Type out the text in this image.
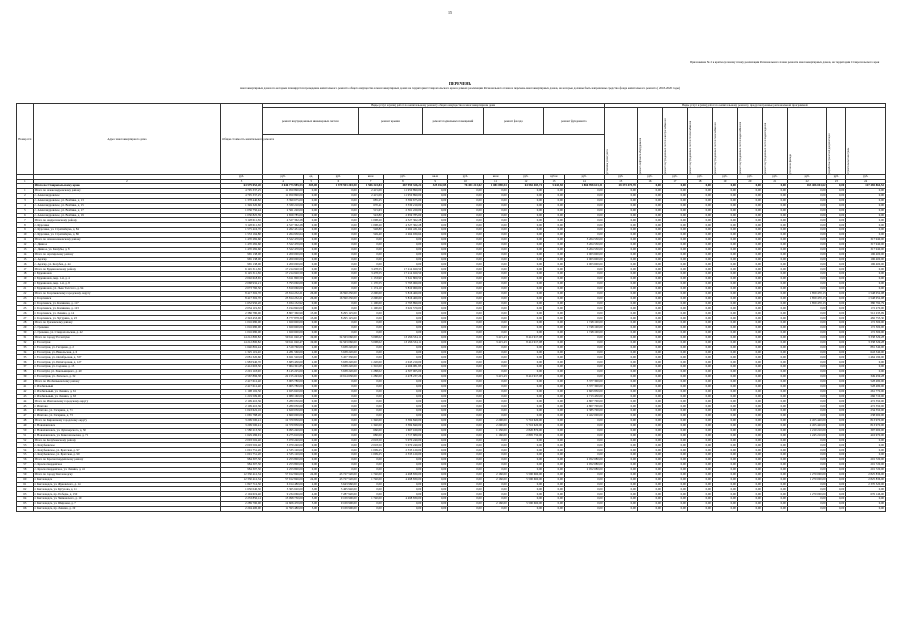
15
Приложение № 2 к краткосрочному плану реализации Регионального плана ремонта многоквартирных домов, на территории Ставропольского края
ПЕРЕЧЕНЬ
многоквартирных домов по которым планируется проведение капитального ремонта общего имущества в многоквартирных домах на территории Ставропольского края в рамках реализации Регионального плана и перечень многоквартирных домов, на которые должны быть направлены средства фонда капитального ремонта ( 2018-2020 годы)
Номер п/п	Адрес многоквартирного дома	Общая стоимость капитального ремонта	Виды услуг и (или) работ по капитальному ремонту общего имущества в многоквартирном доме											Виды услуг и (или) работ по капитальному ремонту, предусмотренные региональной программой									
			ремонт внутридомовых инженерных систем			ремонт крыши		ремонт подвальных помещений		ремонт фасада		ремонт фундамента		установка узлов учета	ремонт лифтового оборудования	ремонт внутридомовых систем электроснабжения	ремонт внутридомовых систем теплоснабжения	ремонт внутридомовых систем газоснабжения	ремонт внутридомовых систем водоснабжения	ремонт внутридомовых систем водоотведения	утепление фасада	разработка проектной документации	строительный контроль

		руб.	руб.	ед.	руб.	кв.м	руб.	кв.м	руб.	кв.м	руб.	куб.м	руб.	руб.	руб.	руб.	руб.	руб.	руб.	руб.	руб.	руб.	руб.
1	2	3	4	5	6	7	8	9	10	11	12	13	14	15	16	17	18	19	20	21	22	23	24
	Итого по Ставропольскому краю	64 579 053,20	3 646 773 985,53	305,00	1 379 593 203,50	1 506 323,84	467 959 326,22	325 012,85	76 451 213,02	1 081 890,54	64 582 483,74	5 643,58	1 866 998 613,31	28 373 475,70	0,00	0,00	0,00	0,00	0,00	0,00	163 406 043,62	0,00	127 485 864,52
1	Итого по Александровскому району	4 795 337,25	11 950 890,00	0,00	0,00	2 415,09	11 950 890,00	0,00	0,00	0,00	0,00	0,00	0,00	0,00	0,00	0,00	0,00	0,00	0,00	0,00	0,00	0,00	0,00
2	с. Александровское	4 795 337,25	11 950 890,00	0,00	0,00	2 415,09	11 950 890,00	0,00	0,00	0,00	0,00	0,00	0,00	0,00	0,00	0,00	0,00	0,00	0,00	0,00	0,00	0,00	0,00
3	с. Александровское, ул. Войтика, д. 13	1 378 440,82	3 399 675,00	0,00	0,00	685,25	3 399 675,00	0,00	0,00	0,00	0,00	0,00	0,00	0,00	0,00	0,00	0,00	0,00	0,00	0,00	0,00	0,00	0,00
4	с. Александровское, ул. Войтика, д. 15	1 349 320,60	3 330 210,00	0,00	0,00	670,41	3 330 210,00	0,00	0,00	0,00	0,00	0,00	0,00	0,00	0,00	0,00	0,00	0,00	0,00	0,00	0,00	0,00	0,00
5	с. Александровское, ул. Войтика, д. 17	1 036 750,44	2 561 220,00	0,00	0,00	515,63	2 561 220,00	0,00	0,00	0,00	0,00	0,00	0,00	0,00	0,00	0,00	0,00	0,00	0,00	0,00	0,00	0,00	0,00
6	с. Александровское, ул. Войтика, д. 19	1 030 825,39	2 659 785,00	0,00	0,00	543,80	2 659 785,00	0,00	0,00	0,00	0,00	0,00	0,00	0,00	0,00	0,00	0,00	0,00	0,00	0,00	0,00	0,00	0,00
7	Итого по Андроповскому району	3 128 611,50	4 527 362,28	0,00	0,00	1 098,20	4 527 362,28	0,00	0,00	0,00	0,00	0,00	0,00	0,00	0,00	0,00	0,00	0,00	0,00	0,00	0,00	0,00	0,00
8	с. Курсавка	3 128 611,50	4 527 362,28	0,00	0,00	1 098,20	4 527 362,28	0,00	0,00	0,00	0,00	0,00	0,00	0,00	0,00	0,00	0,00	0,00	0,00	0,00	0,00	0,00	0,00
9	с. Курсавка, ул. Стратийчука, д. 84	1 575 416,70	2 262 431,64	0,00	0,00	548,80	2 262 431,64	0,00	0,00	0,00	0,00	0,00	0,00	0,00	0,00	0,00	0,00	0,00	0,00	0,00	0,00	0,00	0,00
10	с. Курсавка, ул. Стратийчука, д. 86	1 553 194,80	2 264 930,64	0,00	0,00	549,40	2 264 930,64	0,00	0,00	0,00	0,00	0,00	0,00	0,00	0,00	0,00	0,00	0,00	0,00	0,00	0,00	0,00	0,00
11	Итого по Апанасенковскому району	1 470 282,60	3 522 470,00	0,00	0,00	0,00	0,00	0,00	0,00	0,00	0,00	0,00	3 204 530,00	0,00	0,00	0,00	0,00	0,00	0,00	0,00	0,00	0,00	317 940,00
12	с. Дивное	1 470 282,60	3 522 470,00	0,00	0,00	0,00	0,00	0,00	0,00	0,00	0,00	0,00	3 204 530,00	0,00	0,00	0,00	0,00	0,00	0,00	0,00	0,00	0,00	317 940,00
13	с. Дивное, ул. Кашубы, д. 8	1 470 282,60	3 522 470,00	0,00	0,00	0,00	0,00	0,00	0,00	0,00	0,00	0,00	3 204 530,00	0,00	0,00	0,00	0,00	0,00	0,00	0,00	0,00	0,00	317 940,00
14	Итого по Арзгирскому району	965 138,00	2 200 000,00	0,00	0,00	0,00	0,00	0,00	0,00	0,00	0,00	0,00	2 003 600,00	0,00	0,00	0,00	0,00	0,00	0,00	0,00	0,00	0,00	196 400,00
15	с. Арзгир	965 138,00	2 200 000,00	0,00	0,00	0,00	0,00	0,00	0,00	0,00	0,00	0,00	2 003 600,00	0,00	0,00	0,00	0,00	0,00	0,00	0,00	0,00	0,00	196 400,00
16	с. Арзгир, ул. Кочубея, д. 44	965 138,00	2 200 000,00	0,00	0,00	0,00	0,00	0,00	0,00	0,00	0,00	0,00	2 003 600,00	0,00	0,00	0,00	0,00	0,00	0,00	0,00	0,00	0,00	196 400,00
17	Итого по Буденновскому району	6 145 311,36	17 214 920,50	0,00	0,00	3 478,55	17 214 920,50	0,00	0,00	0,00	0,00	0,00	0,00	0,00	0,00	0,00	0,00	0,00	0,00	0,00	0,00	0,00	0,00
18	г. Буденновск	6 145 311,36	17 214 920,50	0,00	0,00	3 478,55	17 214 920,50	0,00	0,00	0,00	0,00	0,00	0,00	0,00	0,00	0,00	0,00	0,00	0,00	0,00	0,00	0,00	0,00
19	г. Буденновск, мкр. 1-й, д. 4	2 002 618,65	5 611 800,50	0,00	0,00	1 133,90	5 611 800,50	0,00	0,00	0,00	0,00	0,00	0,00	0,00	0,00	0,00	0,00	0,00	0,00	0,00	0,00	0,00	0,00
20	г. Буденновск, мкр. 1-й, д. 8	2 068 932,21	5 793 060,00	0,00	0,00	1 170,55	5 793 060,00	0,00	0,00	0,00	0,00	0,00	0,00	0,00	0,00	0,00	0,00	0,00	0,00	0,00	0,00	0,00	0,00
21	г. Буденновск, ул. Льва Толстого, д. 94	2 073 760,50	5 810 060,00	0,00	0,00	1 174,10	5 810 060,00	0,00	0,00	0,00	0,00	0,00	0,00	0,00	0,00	0,00	0,00	0,00	0,00	0,00	0,00	0,00	0,00
22	Итого по Георгиевскому городскому округу	8 417 302,70	25 814 232,21	26,00	16 590 250,00	2 290,00	5 816 460,00	0,00	0,00	0,00	0,00	0,00	0,00	0,00	0,00	0,00	0,00	0,00	0,00	0,00	1 859 470,13	0,00	1 548 052,08
23	г. Георгиевск	8 417 302,70	25 814 232,21	26,00	16 590 250,00	2 290,00	5 816 460,00	0,00	0,00	0,00	0,00	0,00	0,00	0,00	0,00	0,00	0,00	0,00	0,00	0,00	1 859 470,13	0,00	1 548 052,08
24	г. Георгиевск, ул. Калинина, д. 117	1 652 950,20	5 034 152,92	0,00	0,00	1 100,00	2 793 890,00	0,00	0,00	0,00	0,00	0,00	0,00	0,00	0,00	0,00	0,00	0,00	0,00	0,00	1 859 470,13	0,00	380 792,79
25	г. Георгиевск, ул. Калинина, д. 123	2 034 119,50	3 194 840,00	0,00	0,00	1 190,00	3 022 570,00	0,00	0,00	0,00	0,00	0,00	0,00	0,00	0,00	0,00	0,00	0,00	0,00	0,00	0,00	0,00	172 270,00
26	г. Георгиевск, ул. Ленина, д. 14	2 386 780,00	8 807 360,99	13,00	8 295 125,00	0,00	0,00	0,00	0,00	0,00	0,00	0,00	0,00	0,00	0,00	0,00	0,00	0,00	0,00	0,00	0,00	0,00	512 235,99
27	г. Георгиевск, ул. Чугурина, д. 23	2 343 453,00	8 777 878,30	13,00	8 295 125,00	0,00	0,00	0,00	0,00	0,00	0,00	0,00	0,00	0,00	0,00	0,00	0,00	0,00	0,00	0,00	0,00	0,00	482 753,30
28	Итого по Грачевскому району	1 016 680,00	1 920 600,00	0,00	0,00	0,00	0,00	0,00	0,00	0,00	0,00	0,00	1 748 100,00	0,00	0,00	0,00	0,00	0,00	0,00	0,00	0,00	0,00	172 500,00
29	с. Грачевка	1 016 680,00	1 920 600,00	0,00	0,00	0,00	0,00	0,00	0,00	0,00	0,00	0,00	1 748 100,00	0,00	0,00	0,00	0,00	0,00	0,00	0,00	0,00	0,00	172 500,00
30	с. Грачевка, ул. Ставропольская, д. 42	1 016 680,00	1 920 600,00	0,00	0,00	0,00	0,00	0,00	0,00	0,00	0,00	0,00	1 748 100,00	0,00	0,00	0,00	0,00	0,00	0,00	0,00	0,00	0,00	172 500,00
31	Итого по городу Ессентуки	14 212 800,82	59 611 040,47	19,00	34 563 060,00	5 098,02	13 296 534,11	0,00	0,00	3 415,43	8 412 917,08	0,00	0,00	0,00	0,00	0,00	0,00	0,00	0,00	0,00	0,00	0,00	3 338 529,28
32	г. Ессентуки	14 212 800,82	59 611 040,47	19,00	34 563 060,00	5 098,02	13 296 534,11	0,00	0,00	3 415,43	8 412 917,08	0,00	0,00	0,00	0,00	0,00	0,00	0,00	0,00	0,00	0,00	0,00	3 338 529,28
33	г. Ессентуки, ул. Гагарина, д. 2	1 640 802,44	4 519 760,00	2,00	3 638 220,00	0,00	0,00	0,00	0,00	0,00	0,00	0,00	0,00	0,00	0,00	0,00	0,00	0,00	0,00	0,00	0,00	0,00	881 540,00
34	г. Ессентуки, ул. Никольская, д. 6	1 325 119,20	4 281 560,00	2,00	3 638 220,00	0,00	0,00	0,00	0,00	0,00	0,00	0,00	0,00	0,00	0,00	0,00	0,00	0,00	0,00	0,00	0,00	0,00	643 340,00
35	г. Ессентуки, ул. Октябрьская, д. 337	2 081 320,60	6 921 520,00	3,00	5 457 330,00	0,00	0,00	0,00	0,00	0,00	0,00	0,00	0,00	0,00	0,00	0,00	0,00	0,00	0,00	0,00	0,00	0,00	1 464 190,00
36	г. Ессентуки, ул. Пятигорская, д. 127	1 983 940,70	5 683 430,00	2,00	3 638 220,00	1 220,00	2 045 210,00	0,00	0,00	0,00	0,00	0,00	0,00	0,00	0,00	0,00	0,00	0,00	0,00	0,00	0,00	0,00	0,00
37	г. Ессентуки, ул. Садовая, д. 15	2 412 603,50	7 904 301,85	2,00	3 638 220,00	1 310,00	4 266 081,85	0,00	0,00	0,00	0,00	0,00	0,00	0,00	0,00	0,00	0,00	0,00	0,00	0,00	0,00	0,00	0,00
38	г. Ессентуki, ул. Хмельницкого, д. 40	2 201 118,00	8 145 225,00	2,00	3 638 220,00	1 288,02	4 507 005,00	0,00	0,00	0,00	0,00	0,00	0,00	0,00	0,00	0,00	0,00	0,00	0,00	0,00	0,00	0,00	0,00
39	г. Ессентуки, ул. Энгельса, д. 32	2 567 896,38	22 155 243,62	6,00	10 914 630,00	1 280,00	2 478 237,26	0,00	0,00	3 415,43	8 412 917,08	0,00	0,00	0,00	0,00	0,00	0,00	0,00	0,00	0,00	0,00	0,00	349 459,28
40	Итого по Изобильненскому району	2 417 612,40	5 905 780,00	0,00	0,00	0,00	0,00	0,00	0,00	0,00	0,00	0,00	5 377 300,00	0,00	0,00	0,00	0,00	0,00	0,00	0,00	0,00	0,00	528 480,00
41	г. Изобильный	2 417 612,40	5 905 780,00	0,00	0,00	0,00	0,00	0,00	0,00	0,00	0,00	0,00	5 377 300,00	0,00	0,00	0,00	0,00	0,00	0,00	0,00	0,00	0,00	528 480,00
42	г. Изобильный, ул. Ленина, д. 61	1 198 102,50	2 925 620,00	0,00	0,00	0,00	0,00	0,00	0,00	0,00	0,00	0,00	2 663 850,00	0,00	0,00	0,00	0,00	0,00	0,00	0,00	0,00	0,00	261 770,00
43	г. Изобильный, ул. Ленина, д. 63	1 219 509,90	2 980 160,00	0,00	0,00	0,00	0,00	0,00	0,00	0,00	0,00	0,00	2 713 450,00	0,00	0,00	0,00	0,00	0,00	0,00	0,00	0,00	0,00	266 710,00
44	Итого по Ипатовскому городскому округу	2 109 410,36	5 280 050,00	0,00	0,00	0,00	0,00	0,00	0,00	0,00	0,00	0,00	4 807 700,00	0,00	0,00	0,00	0,00	0,00	0,00	0,00	0,00	0,00	472 350,00
45	г. Ипатово	2 109 410,36	5 280 050,00	0,00	0,00	0,00	0,00	0,00	0,00	0,00	0,00	0,00	4 807 700,00	0,00	0,00	0,00	0,00	0,00	0,00	0,00	0,00	0,00	472 350,00
46	г. Ипатово, ул. Гагарина, д. 71	1 043 622,16	2 620 050,00	0,00	0,00	0,00	0,00	0,00	0,00	0,00	0,00	0,00	2 385 700,00	0,00	0,00	0,00	0,00	0,00	0,00	0,00	0,00	0,00	234 350,00
47	г. Ипатово, ул. Гагарина, д. 73	1 065 788,20	2 660 000,00	0,00	0,00	0,00	0,00	0,00	0,00	0,00	0,00	0,00	2 422 000,00	0,00	0,00	0,00	0,00	0,00	0,00	0,00	0,00	0,00	238 000,00
48	Итого по Кировскому городскому округу	3 209 500,41	12 370 850,00	0,00	0,00	1 340,00	3 384 840,00	0,00	0,00	2 290,00	5 716 620,00	0,00	0,00	0,00	0,00	0,00	0,00	0,00	0,00	0,00	2 455 420,00	0,00	813 970,00
49	г. Новопавловск	3 209 500,41	12 370 850,00	0,00	0,00	1 340,00	3 384 840,00	0,00	0,00	2 290,00	5 716 620,00	0,00	0,00	0,00	0,00	0,00	0,00	0,00	0,00	0,00	2 455 420,00	0,00	813 970,00
50	г. Новопавловск, ул. Луначарского, д. 30	1 580 213,50	6 095 240,00	0,00	0,00	660,00	1 667 160,00	0,00	0,00	1 130,00	2 820 870,00	0,00	0,00	0,00	0,00	0,00	0,00	0,00	0,00	0,00	1 210 210,00	0,00	397 000,00
51	г. Новопавловск, ул. Комсомольская, д. 71	1 629 286,91	6 275 610,00	0,00	0,00	680,00	1 717 680,00	0,00	0,00	1 160,00	2 895 750,00	0,00	0,00	0,00	0,00	0,00	0,00	0,00	0,00	0,00	1 245 210,00	0,00	416 970,00
52	Итого по Кочубеевскому району	2 003 502,40	5 070 240,00	0,00	0,00	2 018,50	5 070 240,00	0,00	0,00	0,00	0,00	0,00	0,00	0,00	0,00	0,00	0,00	0,00	0,00	0,00	0,00	0,00	0,00
53	с. Кочубеевское	2 003 502,40	5 070 240,00	0,00	0,00	2 018,50	5 070 240,00	0,00	0,00	0,00	0,00	0,00	0,00	0,00	0,00	0,00	0,00	0,00	0,00	0,00	0,00	0,00	0,00
54	с. Кочубеевское, ул. Братская, д. 97	1 001 751,20	2 535 120,00	0,00	0,00	1 009,25	2 535 120,00	0,00	0,00	0,00	0,00	0,00	0,00	0,00	0,00	0,00	0,00	0,00	0,00	0,00	0,00	0,00	0,00
55	с. Кочубеевское, ул. Братская, д. 99	1 001 751,20	2 535 120,00	0,00	0,00	1 009,25	2 535 120,00	0,00	0,00	0,00	0,00	0,00	0,00	0,00	0,00	0,00	0,00	0,00	0,00	0,00	0,00	0,00	0,00
56	Итого по Красногвардейскому району	984 307,50	2 253 800,00	0,00	0,00	0,00	0,00	0,00	0,00	0,00	0,00	0,00	2 052 080,00	0,00	0,00	0,00	0,00	0,00	0,00	0,00	0,00	0,00	201 720,00
57	с. Красногвардейское	984 307,50	2 253 800,00	0,00	0,00	0,00	0,00	0,00	0,00	0,00	0,00	0,00	2 052 080,00	0,00	0,00	0,00	0,00	0,00	0,00	0,00	0,00	0,00	201 720,00
58	с. Красногвардейское, ул. Ленина, д. 41	984 307,50	2 253 800,00	0,00	0,00	0,00	0,00	0,00	0,00	0,00	0,00	0,00	2 052 080,00	0,00	0,00	0,00	0,00	0,00	0,00	0,00	0,00	0,00	201 720,00
59	Итого по городу Кисловодску	12 330 412,34	57 912 846,00	24,00	43 727 520,00	1 740,00	4 498 830,00	0,00	0,00	2 160,00	5 590 660,00	0,00	0,00	0,00	0,00	0,00	0,00	0,00	0,00	0,00	1 270 000,00	0,00	2 825 836,00
60	г. Кисловодск	12 330 412,34	57 912 846,00	24,00	43 727 520,00	1 740,00	4 498 830,00	0,00	0,00	2 160,00	5 590 660,00	0,00	0,00	0,00	0,00	0,00	0,00	0,00	0,00	0,00	1 270 000,00	0,00	2 825 836,00
61	г. Кисловодск, ул. Жуковского, д. 14	1 847 712,50	6 014 480,00	2,00	3 643 960,00	0,00	0,00	0,00	0,00	0,00	0,00	0,00	0,00	0,00	0,00	0,00	0,00	0,00	0,00	0,00	0,00	0,00	2 370 520,00
62	г. Кисловодск, ул. Кутузова, д. 11	1 650 040,30	5 365 620,00	3,00	5 465 940,00	0,00	0,00	0,00	0,00	0,00	0,00	0,00	0,00	0,00	0,00	0,00	0,00	0,00	0,00	0,00	0,00	0,00	0,00
63	г. Кисловодск, пр. Победы, д. 150	2 104 619,40	9 234 066,00	4,00	7 287 920,00	0,00	0,00	0,00	0,00	0,00	0,00	0,00	0,00	0,00	0,00	0,00	0,00	0,00	0,00	0,00	1 270 000,00	0,00	676 146,00
64	г. Кисловодск, ул. Чайковского, д. 10	2 233 850,14	13 098 730,00	5,00	9 109 900,00	1 740,00	4 498 830,00	0,00	0,00	0,00	0,00	0,00	0,00	0,00	0,00	0,00	0,00	0,00	0,00	0,00	0,00	0,00	0,00
65	г. Кисловодск, ул. Широкая, д. 7	2 289 790,00	12 606 470,00	5,00	9 109 900,00	0,00	0,00	0,00	0,00	2 160,00	5 590 660,00	0,00	0,00	0,00	0,00	0,00	0,00	0,00	0,00	0,00	0,00	0,00	0,00
66	г. Кисловодск, пр. Ленина, д. 19	2 204 400,00	11 593 480,00	5,00	9 109 900,00	0,00	0,00	0,00	0,00	0,00	0,00	0,00	0,00	0,00	0,00	0,00	0,00	0,00	0,00	0,00	0,00	0,00	0,00
